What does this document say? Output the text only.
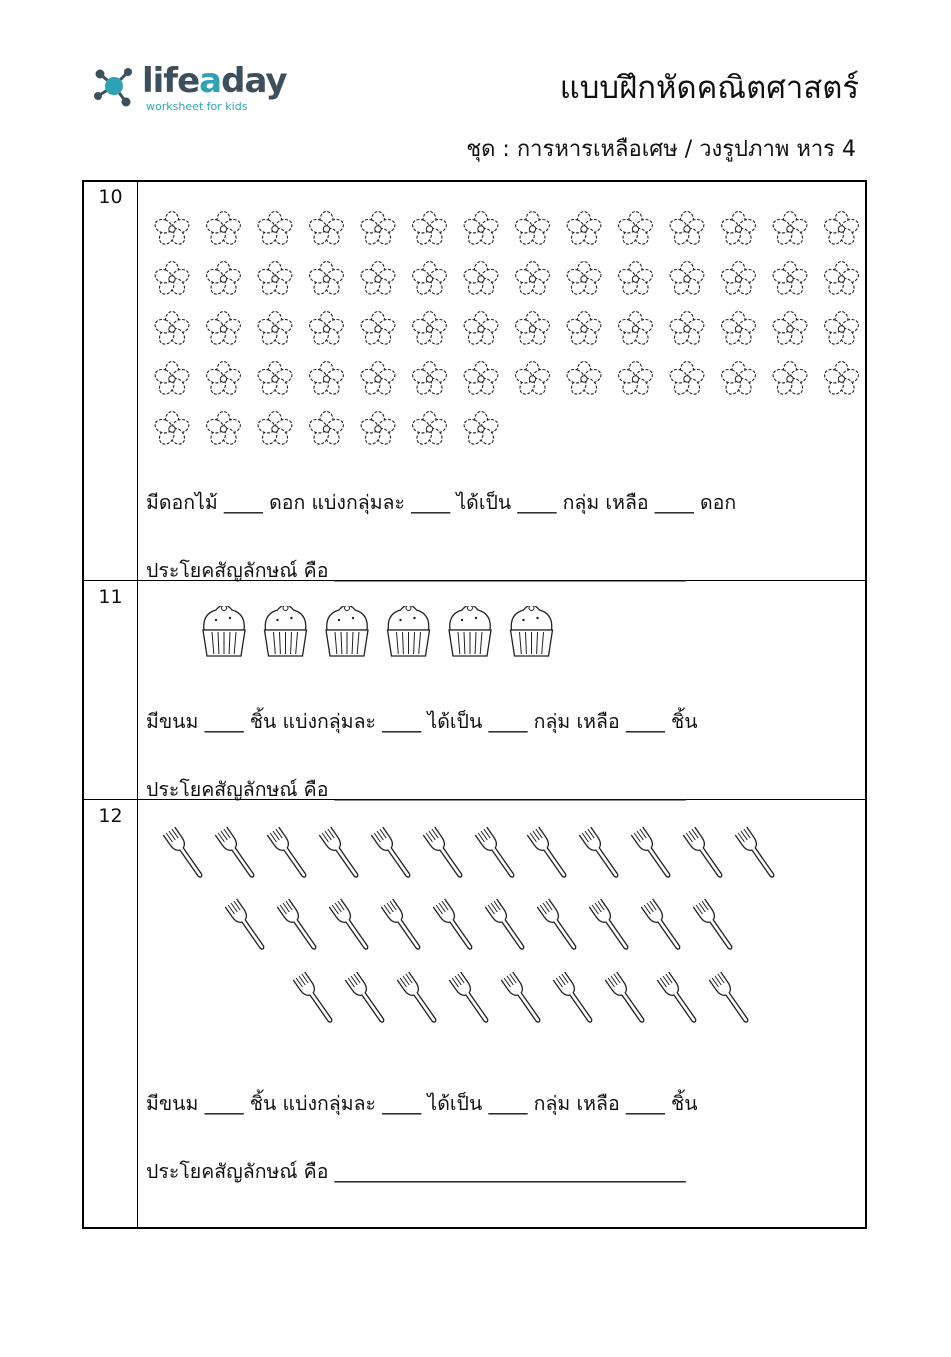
lifeaday
worksheet for kids
แบบฝึกหัดคณิตศาสตร์
ชุด : การหารเหลือเศษ / วงรูปภาพ หาร 4
10
มีดอกไม้ ____ ดอก แบ่งกลุ่มละ ____ ได้เป็น ____ กลุ่ม เหลือ ____ ดอก
ประโยคสัญลักษณ์ คือ ____________________________________
11
มีขนม ____ ชิ้น แบ่งกลุ่มละ ____ ได้เป็น ____ กลุ่ม เหลือ ____ ชิ้น
ประโยคสัญลักษณ์ คือ ____________________________________
12
มีขนม ____ ชิ้น แบ่งกลุ่มละ ____ ได้เป็น ____ กลุ่ม เหลือ ____ ชิ้น
ประโยคสัญลักษณ์ คือ ____________________________________
